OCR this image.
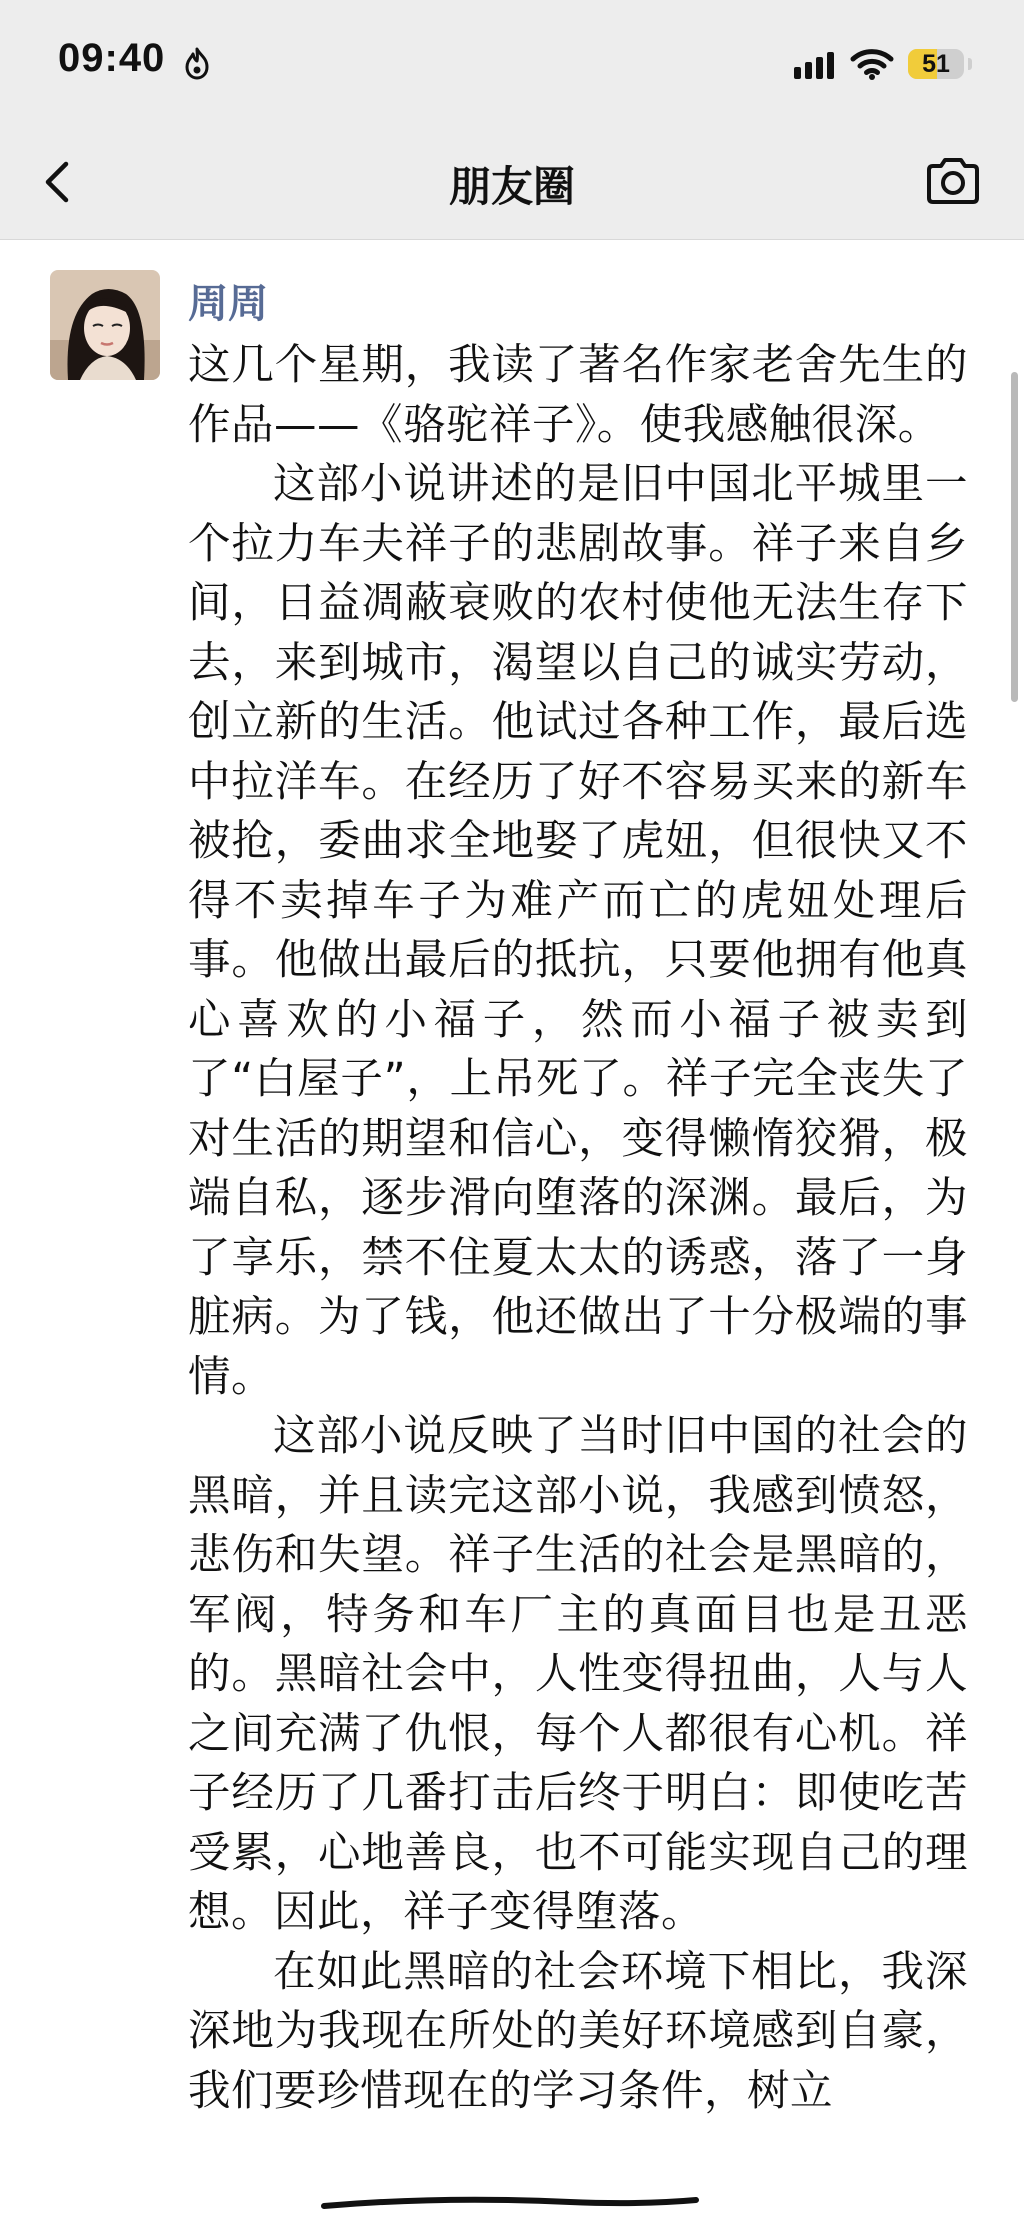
09:40	51
朋友圈
周周

这几个星期，我读了著名作家老舍先生的作品——《骆驼祥子》。使我感触很深。

这部小说讲述的是旧中国北平城里一个拉力车夫祥子的悲剧故事。祥子来自乡间，日益凋蔽衰败的农村使他无法生存下去，来到城市，渴望以自己的诚实劳动，创立新的生活。他试过各种工作，最后选中拉洋车。在经历了好不容易买来的新车被抢，委曲求全地娶了虎妞，但很快又不得不卖掉车子为难产而亡的虎妞处理后事。他做出最后的抵抗，只要他拥有他真心喜欢的小福子，然而小福子被卖到了“白屋子”，上吊死了。祥子完全丧失了对生活的期望和信心，变得懒惰狡猾，极端自私，逐步滑向堕落的深渊。最后，为了享乐，禁不住夏太太的诱惑，落了一身脏病。为了钱，他还做出了十分极端的事情。

这部小说反映了当时旧中国的社会的黑暗，并且读完这部小说，我感到愤怒，悲伤和失望。祥子生活的社会是黑暗的，军阀，特务和车厂主的真面目也是丑恶的。黑暗社会中，人性变得扭曲，人与人之间充满了仇恨，每个人都很有心机。祥子经历了几番打击后终于明白：即使吃苦受累，心地善良，也不可能实现自己的理想。因此，祥子变得堕落。

在如此黑暗的社会环境下相比，我深深地为我现在所处的美好环境感到自豪，我们要珍惜现在的学习条件，树立
